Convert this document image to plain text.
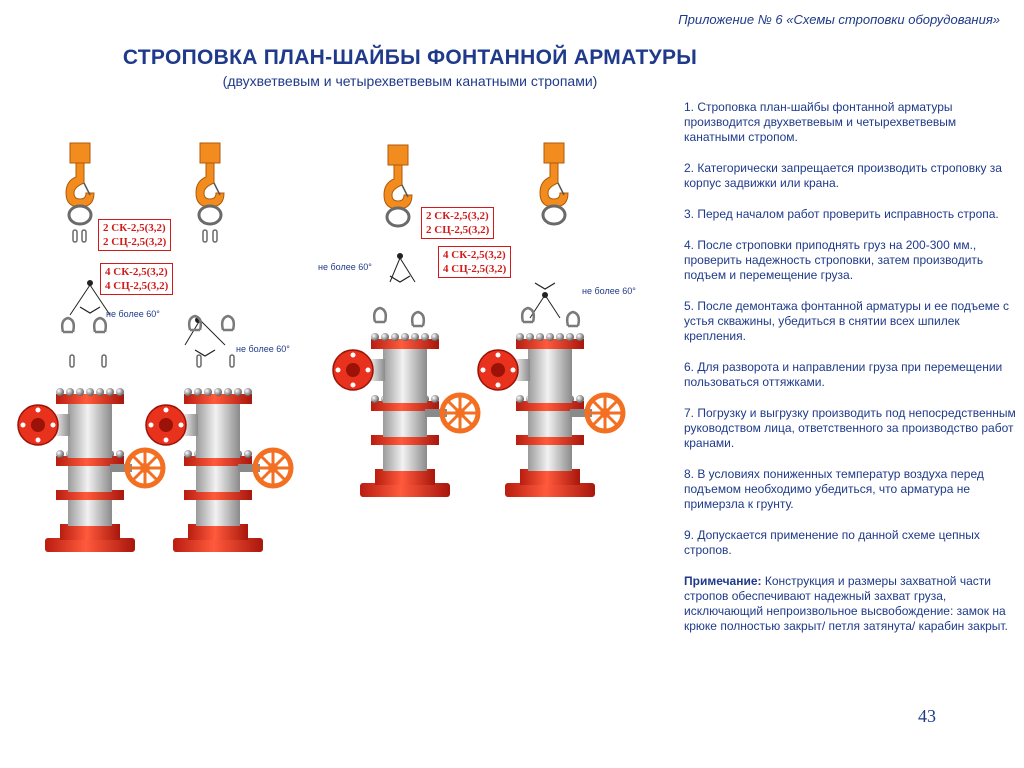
Приложение № 6 «Схемы строповки оборудования»
СТРОПОВКА ПЛАН-ШАЙБЫ ФОНТАННОЙ АРМАТУРЫ
(двухветвевым и четырехветвевым канатными стропами)
2 СК-2,5(3,2)
2 СЦ-2,5(3,2)
4 СК-2,5(3,2)
4 СЦ-2,5(3,2)
не более 60°
не более 60°
2 СК-2,5(3,2)
2 СЦ-2,5(3,2)
4 СК-2,5(3,2)
4 СЦ-2,5(3,2)
не более 60°
не более 60°

1. Строповка план-шайбы фонтанной арматуры производится двухветвевым и четырехветвевым канатными стропом.

2. Категорически запрещается производить строповку за корпус задвижки или крана.

3. Перед началом работ проверить исправность стропа.

4. После строповки приподнять груз на 200-300 мм., проверить надежность строповки, затем производить подъем и перемещение груза.

5. После демонтажа фонтанной арматуры и ее подъеме с устья скважины, убедиться в снятии всех шпилек крепления.

6. Для разворота и направлении груза при перемещении пользоваться оттяжками.

7. Погрузку и выгрузку производить под непосредственным руководством лица, ответственного за производство работ кранами.

8. В условиях пониженных температур воздуха перед подъемом необходимо убедиться, что арматура не примерзла к грунту.

9. Допускается применение по данной схеме цепных стропов.

Примечание: Конструкция и размеры захватной части стропов обеспечивают надежный захват груза, исключающий непроизвольное высвобождение: замок на крюке полностью закрыт/ петля затянута/ карабин закрыт.

43
